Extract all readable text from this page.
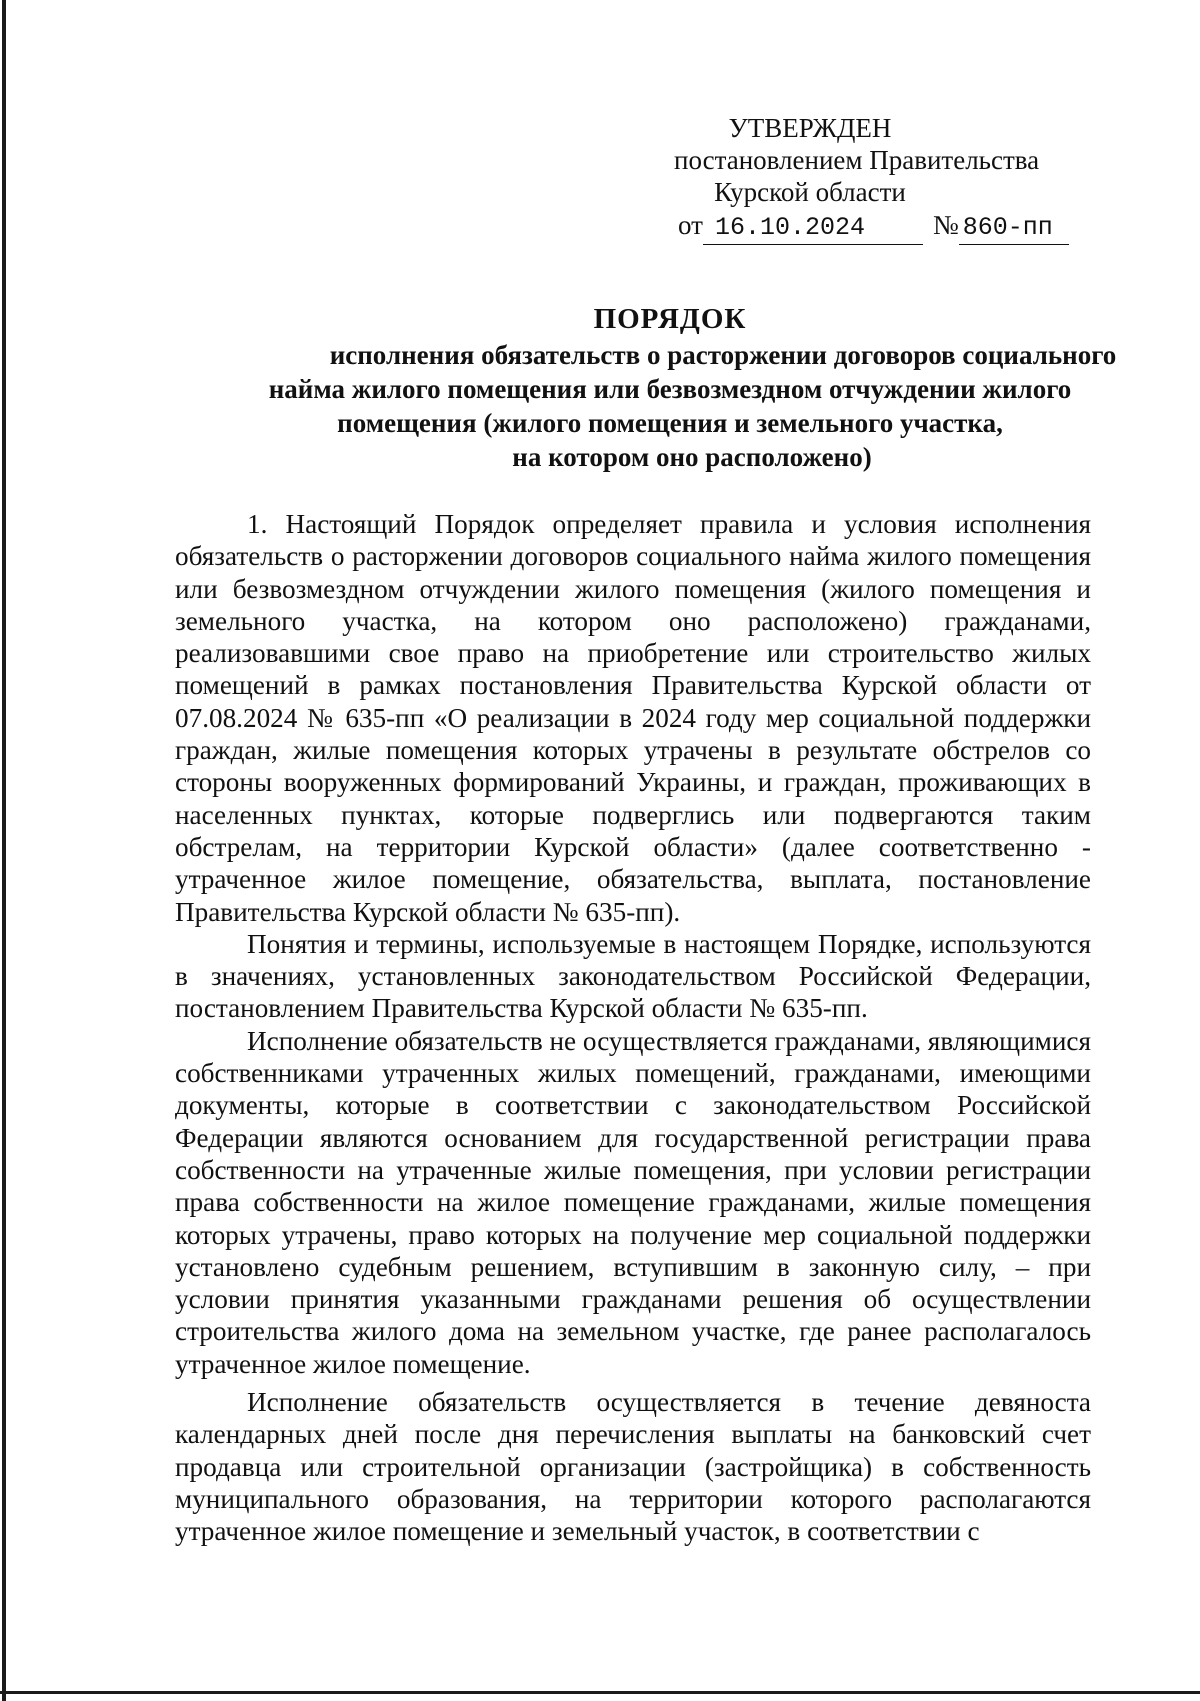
УТВЕРЖДЕН
постановлением Правительства
Курской области
от 16.10.2024	№ 860-пп
ПОРЯДОК
исполнения обязательств о расторжении договоров социального
найма жилого помещения или безвозмездном отчуждении жилого
помещения (жилого помещения и земельного участка,
на котором оно расположено)

1. Настоящий Порядок определяет правила и условия исполнения обязательств о расторжении договоров социального найма жилого помещения или безвозмездном отчуждении жилого помещения (жилого помещения и земельного участка, на котором оно расположено) гражданами, реализовавшими свое право на приобретение или строительство жилых помещений в рамках постановления Правительства Курской области от 07.08.2024 № 635-пп «О реализации в 2024 году мер социальной поддержки граждан, жилые помещения которых утрачены в результате обстрелов со стороны вооруженных формирований Украины, и граждан, проживающих в населенных пунктах, которые подверглись или подвергаются таким обстрелам, на территории Курской области» (далее соответственно - утраченное жилое помещение, обязательства, выплата, постановление Правительства Курской области № 635-пп).

Понятия и термины, используемые в настоящем Порядке, используются в значениях, установленных законодательством Российской Федерации, постановлением Правительства Курской области № 635-пп.

Исполнение обязательств не осуществляется гражданами, являющимися собственниками утраченных жилых помещений, гражданами, имеющими документы, которые в соответствии с законодательством Российской Федерации являются основанием для государственной регистрации права собственности на утраченные жилые помещения, при условии регистрации права собственности на жилое помещение гражданами, жилые помещения которых утрачены, право которых на получение мер социальной поддержки установлено судебным решением, вступившим в законную силу, – при условии принятия указанными гражданами решения об осуществлении строительства жилого дома на земельном участке, где ранее располагалось утраченное жилое помещение.

Исполнение обязательств осуществляется в течение девяноста календарных дней после дня перечисления выплаты на банковский счет продавца или строительной организации (застройщика) в собственность муниципального образования, на территории которого располагаются утраченное жилое помещение и земельный участок, в соответствии с
